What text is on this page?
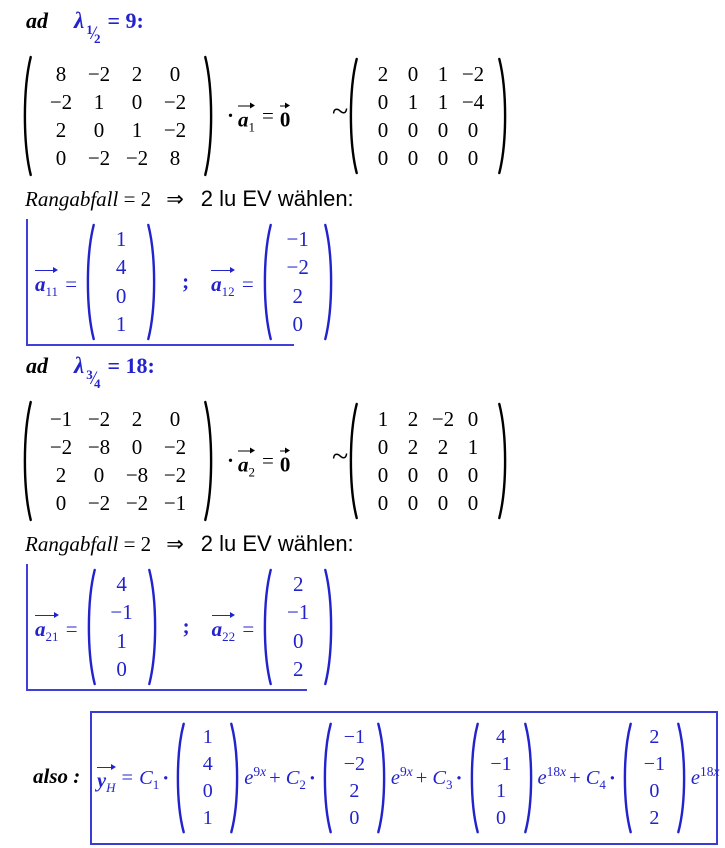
ad λ 1
/
2
= 9:
8	−2	2	0
−2	1	0	−2
2	0	1	−2
0	−2 −2	8
· $a_1 = 0$ ~
2 0 1 −2
0 1 1 −4
0 0 0 0
0 0 0 0
Rangabfall
= 2 ⇒ 2 lu EV wählen:
$a_{11}$ =
1
4
0
1
; $a_{12}$ =
−1
−2
2
0
ad λ 3
/
4
= 18:
−1 −2	2	0
−2 −8	0	−2
2	0	−8 −2
0	−2 −2 −1
· $a_2 = 0$ ~
1 2 −2 0
0 2 2 1
0 0 0 0
0 0 0 0
Rangabfall
= 2 ⇒ 2 lu EV wählen:
$a_{21}$ =
4
−1
1
0
; $a_{22}$ =
2
−1
0
2
also : $y_H = C_1$ ·
1
4
0
1
$e^{9x} + C_2$ ·
−1
−2
2
0
$e^{9x} + C_3$ ·
4
−1
1
0
$e^{18x} + C_4$ ·
2
−1
0
2
$e^{18x}$
